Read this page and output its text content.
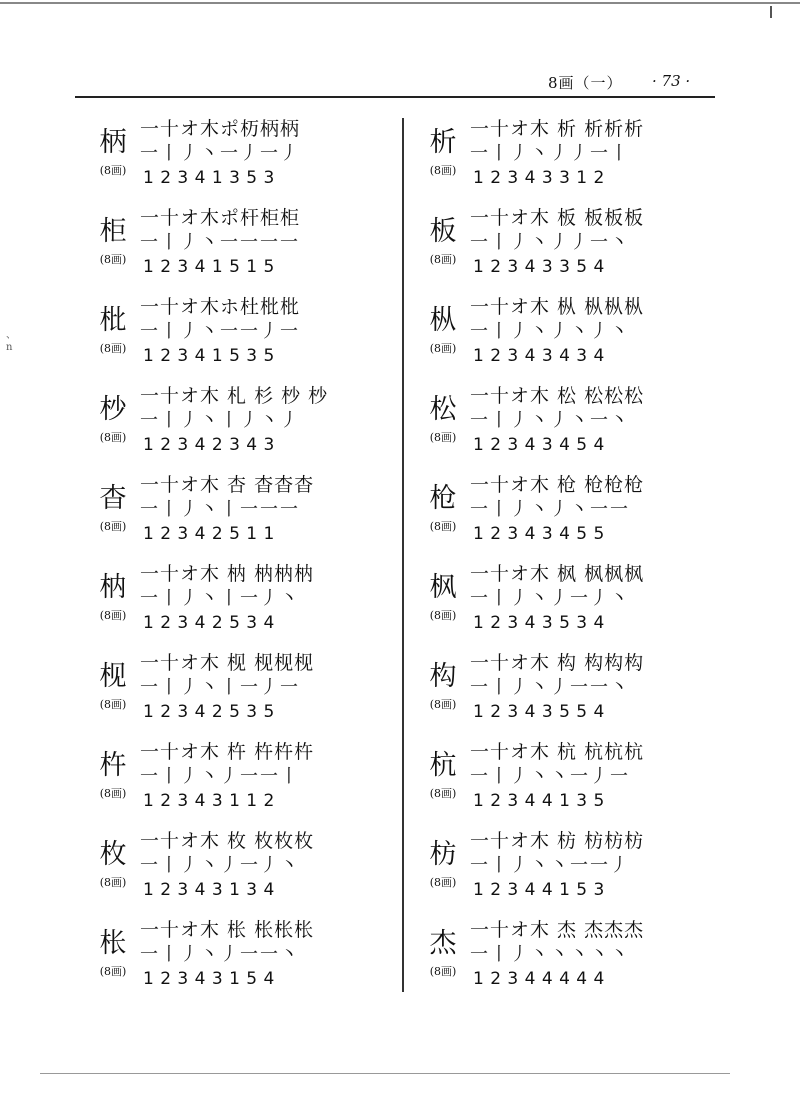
、
n
8画（一） · 73 ·
柄
(8画)
一十オ木ポ杤柄柄
一丨丿丶一丿一丿
12341353
柜
(8画)
一十オ木ポ杆柜柜
一丨丿丶一一一一
12341515
枇
(8画)
一十オ木ホ杜枇枇
一丨丿丶一一丿一
12341535
杪
(8画)
一十オ木 札 杉 杪 杪
一丨丿丶丨丿丶丿
12342343
杳
(8画)
一十オ木 杏 杳杳杳
一丨丿丶丨一一一
12342511
枘
(8画)
一十オ木 枘 枘枘枘
一丨丿丶丨一丿丶
12342534
枧
(8画)
一十オ木 枧 枧枧枧
一丨丿丶丨一丿一
12342535
杵
(8画)
一十オ木 杵 杵杵杵
一丨丿丶丿一一丨
12343112
枚
(8画)
一十オ木 枚 枚枚枚
一丨丿丶丿一丿丶
12343134
枨
(8画)
一十オ木 枨 枨枨枨
一丨丿丶丿一一丶
12343154
析
(8画)
一十オ木 析 析析析
一丨丿丶丿丿一丨
12343312
板
(8画)
一十オ木 板 板板板
一丨丿丶丿丿一丶
12343354
枞
(8画)
一十オ木 枞 枞枞枞
一丨丿丶丿丶丿丶
12343434
松
(8画)
一十オ木 松 松松松
一丨丿丶丿丶一丶
12343454
枪
(8画)
一十オ木 枪 枪枪枪
一丨丿丶丿丶一一
12343455
枫
(8画)
一十オ木 枫 枫枫枫
一丨丿丶丿一丿丶
12343534
构
(8画)
一十オ木 构 构构构
一丨丿丶丿一一丶
12343554
杭
(8画)
一十オ木 杭 杭杭杭
一丨丿丶丶一丿一
12344135
枋
(8画)
一十オ木 枋 枋枋枋
一丨丿丶丶一一丿
12344153
杰
(8画)
一十オ木 杰 杰杰杰
一丨丿丶丶丶丶丶
12344444
